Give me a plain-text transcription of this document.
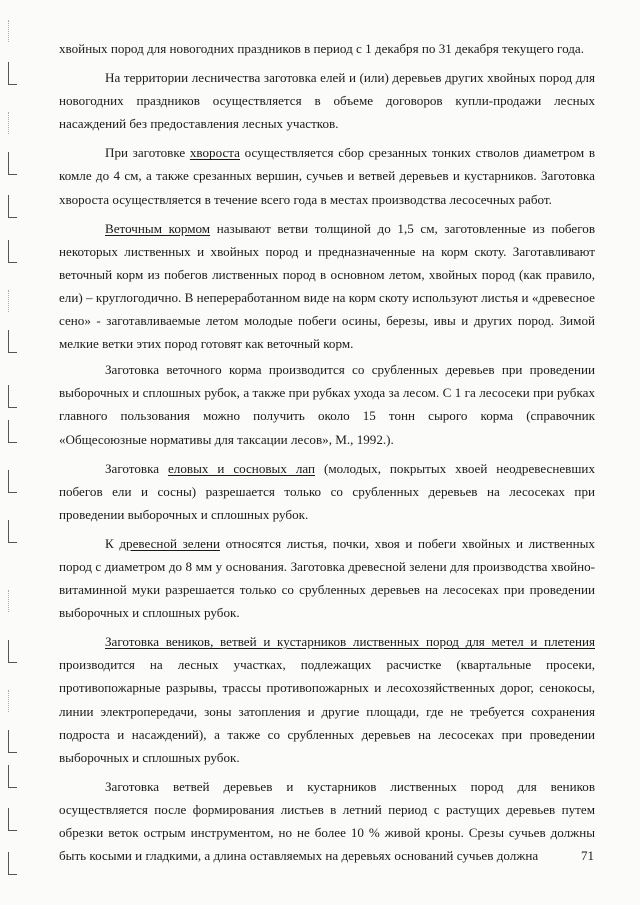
хвойных пород для новогодних праздников в период с 1 декабря по 31 декабря текущего года.

На территории лесничества заготовка елей и (или) деревьев других хвойных пород для новогодних праздников осуществляется в объеме договоров купли-продажи лесных насаждений без предоставления лесных участков.

При заготовке хвороста осуществляется сбор срезанных тонких стволов диаметром в комле до 4 см, а также срезанных вершин, сучьев и ветвей деревьев и кустарников. Заготовка хвороста осуществляется в течение всего года в местах производства лесосечных работ.

Веточным кормом называют ветви толщиной до 1,5 см, заготовленные из побегов некоторых лиственных и хвойных пород и предназначенные на корм скоту. Заготавливают веточный корм из побегов лиственных пород в основном летом, хвойных пород (как правило, ели) – круглогодично. В непереработанном виде на корм скоту используют листья и «древесное сено» - заготавливаемые летом молодые побеги осины, березы, ивы и других пород. Зимой мелкие ветки этих пород готовят как веточный корм.

Заготовка веточного корма производится со срубленных деревьев при проведении выборочных и сплошных рубок, а также при рубках ухода за лесом. С 1 га лесосеки при рубках главного пользования можно получить около 15 тонн сырого корма (справочник «Общесоюзные нормативы для таксации лесов», М., 1992.).

Заготовка еловых и сосновых лап (молодых, покрытых хвоей неодревесневших побегов ели и сосны) разрешается только со срубленных деревьев на лесосеках при проведении выборочных и сплошных рубок.

К древесной зелени относятся листья, почки, хвоя и побеги хвойных и лиственных пород с диаметром до 8 мм у основания. Заготовка древесной зелени для производства хвойно-витаминной муки разрешается только со срубленных деревьев на лесосеках при проведении выборочных и сплошных рубок.

Заготовка веников, ветвей и кустарников лиственных пород для метел и плетения производится на лесных участках, подлежащих расчистке (квартальные просеки, противопожарные разрывы, трассы противопожарных и лесохозяйственных дорог, сенокосы, линии электропередачи, зоны затопления и другие площади, где не требуется сохранения подроста и насаждений), а также со срубленных деревьев на лесосеках при проведении выборочных и сплошных рубок.

Заготовка ветвей деревьев и кустарников лиственных пород для веников осуществляется после формирования листьев в летний период с растущих деревьев путем обрезки веток острым инструментом, но не более 10 % живой кроны. Срезы сучьев должны быть косыми и гладкими, а длина оставляемых на деревьях оснований сучьев должна	71
